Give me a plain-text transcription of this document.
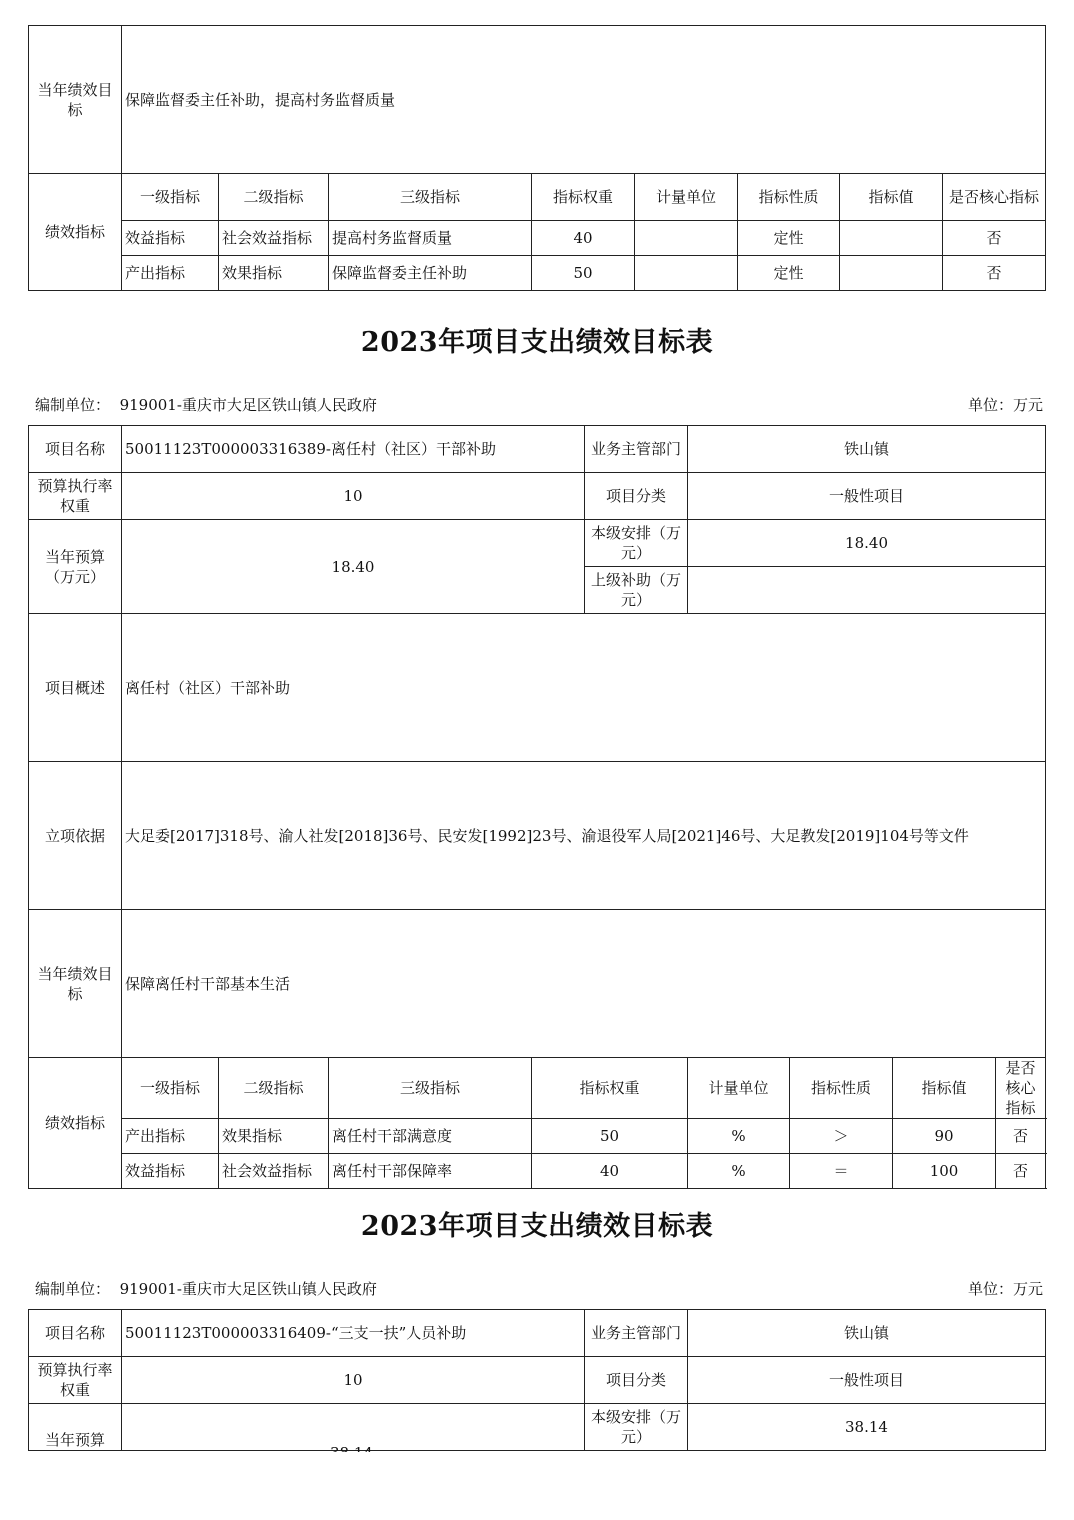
当年绩效目标	保障监督委主任补助，提高村务监督质量							
绩效指标	一级指标	二级指标	三级指标	指标权重	计量单位	指标性质	指标值	是否核心指标
	效益指标	社会效益指标	提高村务监督质量	40		定性		否
	产出指标	效果指标	保障监督委主任补助	50		定性		否
2023年项目支出绩效目标表
编制单位： 919001-重庆市大足区铁山镇人民政府	单位：万元
项目名称	50011123T000003316389-离任村（社区）干部补助				业务主管部门	铁山镇			
预算执行率权重	10				项目分类	一般性项目			
当年预算（万元）	18.40				本级安排（万元）	18.40			
					上级补助（万元）				
项目概述	离任村（社区）干部补助								
立项依据	大足委[2017]318号、渝人社发[2018]36号、民安发[1992]23号、渝退役军人局[2021]46号、大足教发[2019]104号等文件								
当年绩效目标	保障离任村干部基本生活								
绩效指标	一级指标	二级指标	三级指标	指标权重		计量单位	指标性质	指标值	是否核心指标
	产出指标	效果指标	离任村干部满意度	50		%	＞	90	否
	效益指标	社会效益指标	离任村干部保障率	40		%	＝	100	否
2023年项目支出绩效目标表
编制单位： 919001-重庆市大足区铁山镇人民政府	单位：万元
项目名称	50011123T000003316409-“三支一扶”人员补助	业务主管部门	铁山镇
预算执行率权重	10	项目分类	一般性项目
当年预算		本级安排（万元）	38.14
